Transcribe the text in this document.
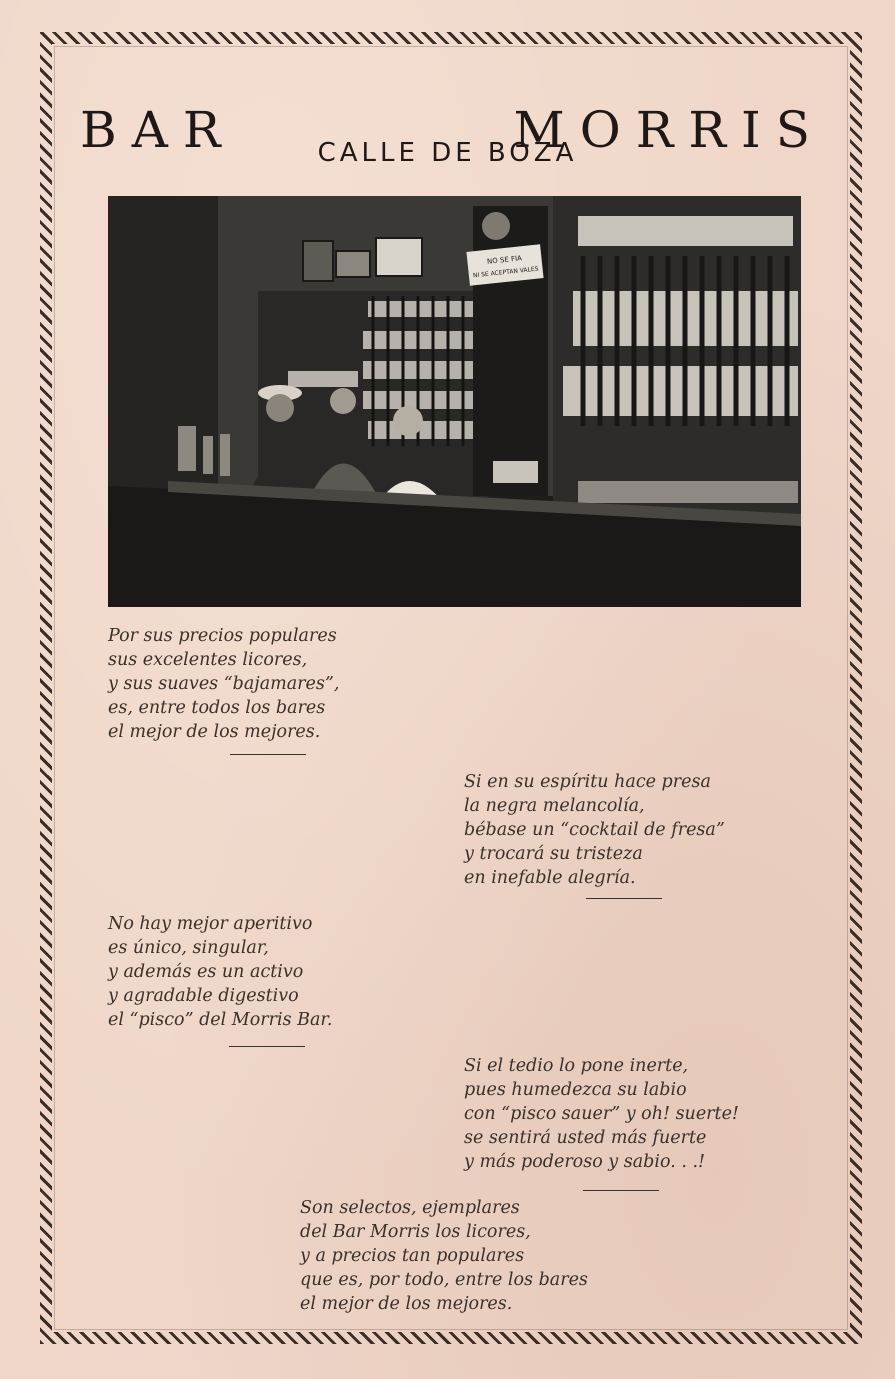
BAR	MORRIS
CALLE DE BOZA
NO SE FIA
NI SE ACEPTAN VALES
Por sus precios populares
sus excelentes licores,
y sus suaves “bajamares”,
es, entre todos los bares
el mejor de los mejores.
Si en su espíritu hace presa
la negra melancolía,
bébase un “cocktail de fresa”
y trocará su tristeza
en inefable alegría.
No hay mejor aperitivo
es único, singular,
y además es un activo
y agradable digestivo
el “pisco” del Morris Bar.
Si el tedio lo pone inerte,
pues humedezca su labio
con “pisco sauer” y oh! suerte!
se sentirá usted más fuerte
y más poderoso y sabio. . .!
Son selectos, ejemplares
del Bar Morris los licores,
y a precios tan populares
que es, por todo, entre los bares
el mejor de los mejores.
